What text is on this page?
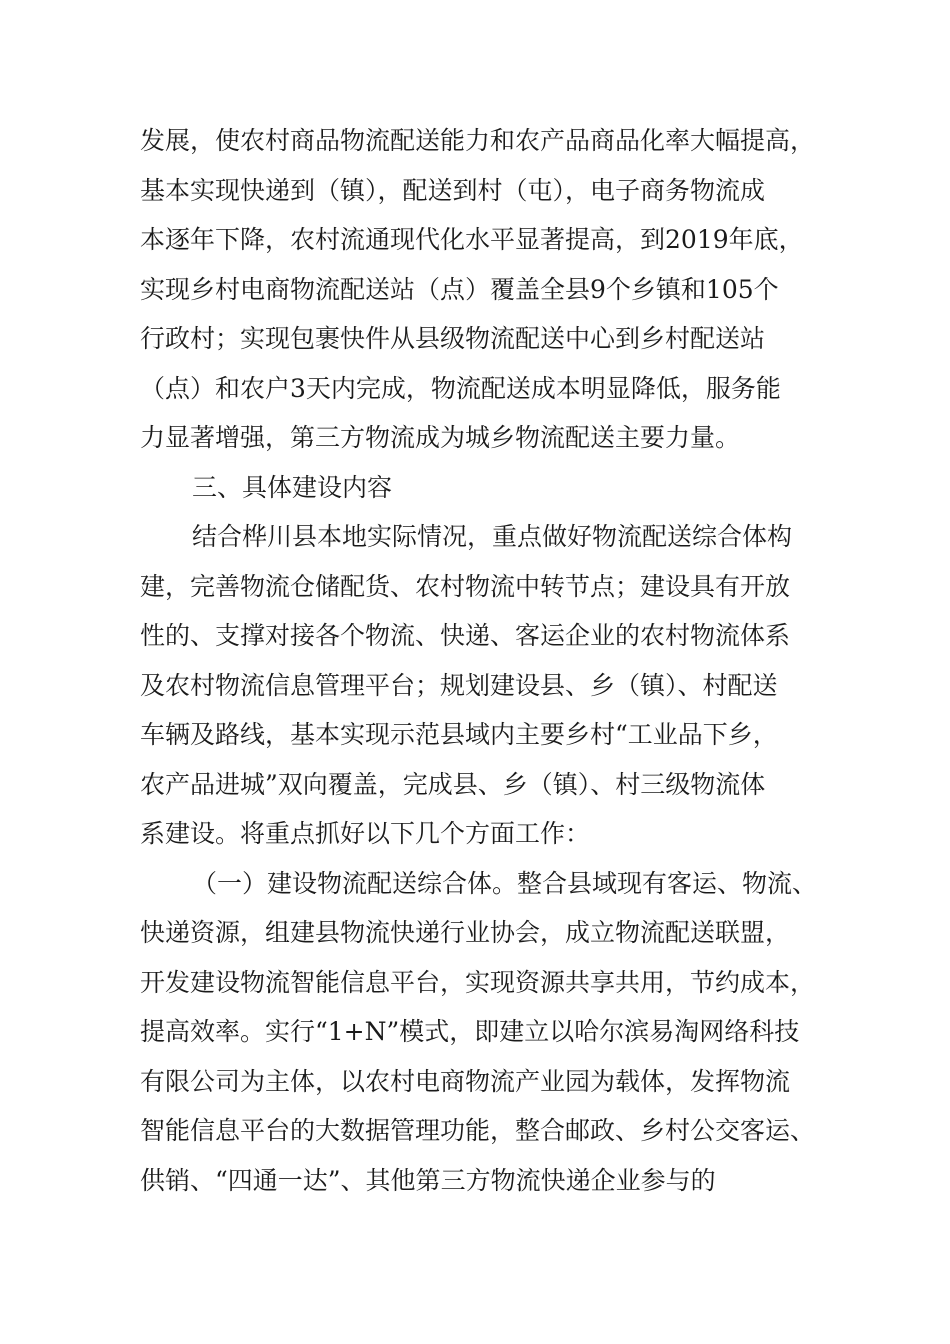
发展，使农村商品物流配送能力和农产品商品化率大幅提高，
基本实现快递到（镇），配送到村（屯），电子商务物流成
本逐年下降，农村流通现代化水平显著提高，到2019年底，
实现乡村电商物流配送站（点）覆盖全县9个乡镇和105个
行政村；实现包裹快件从县级物流配送中心到乡村配送站
（点）和农户3天内完成，物流配送成本明显降低，服务能
力显著增强，第三方物流成为城乡物流配送主要力量。
三、具体建设内容
结合桦川县本地实际情况，重点做好物流配送综合体构
建，完善物流仓储配货、农村物流中转节点；建设具有开放
性的、支撑对接各个物流、快递、客运企业的农村物流体系
及农村物流信息管理平台；规划建设县、乡（镇）、村配送
车辆及路线，基本实现示范县域内主要乡村“工业品下乡，
农产品进城”双向覆盖，完成县、乡（镇）、村三级物流体
系建设。将重点抓好以下几个方面工作：
（一）建设物流配送综合体。整合县域现有客运、物流、
快递资源，组建县物流快递行业协会，成立物流配送联盟，
开发建设物流智能信息平台，实现资源共享共用，节约成本，
提高效率。实行“1+N”模式，即建立以哈尔滨易淘网络科技
有限公司为主体，以农村电商物流产业园为载体，发挥物流
智能信息平台的大数据管理功能，整合邮政、乡村公交客运、
供销、“四通一达”、其他第三方物流快递企业参与的
